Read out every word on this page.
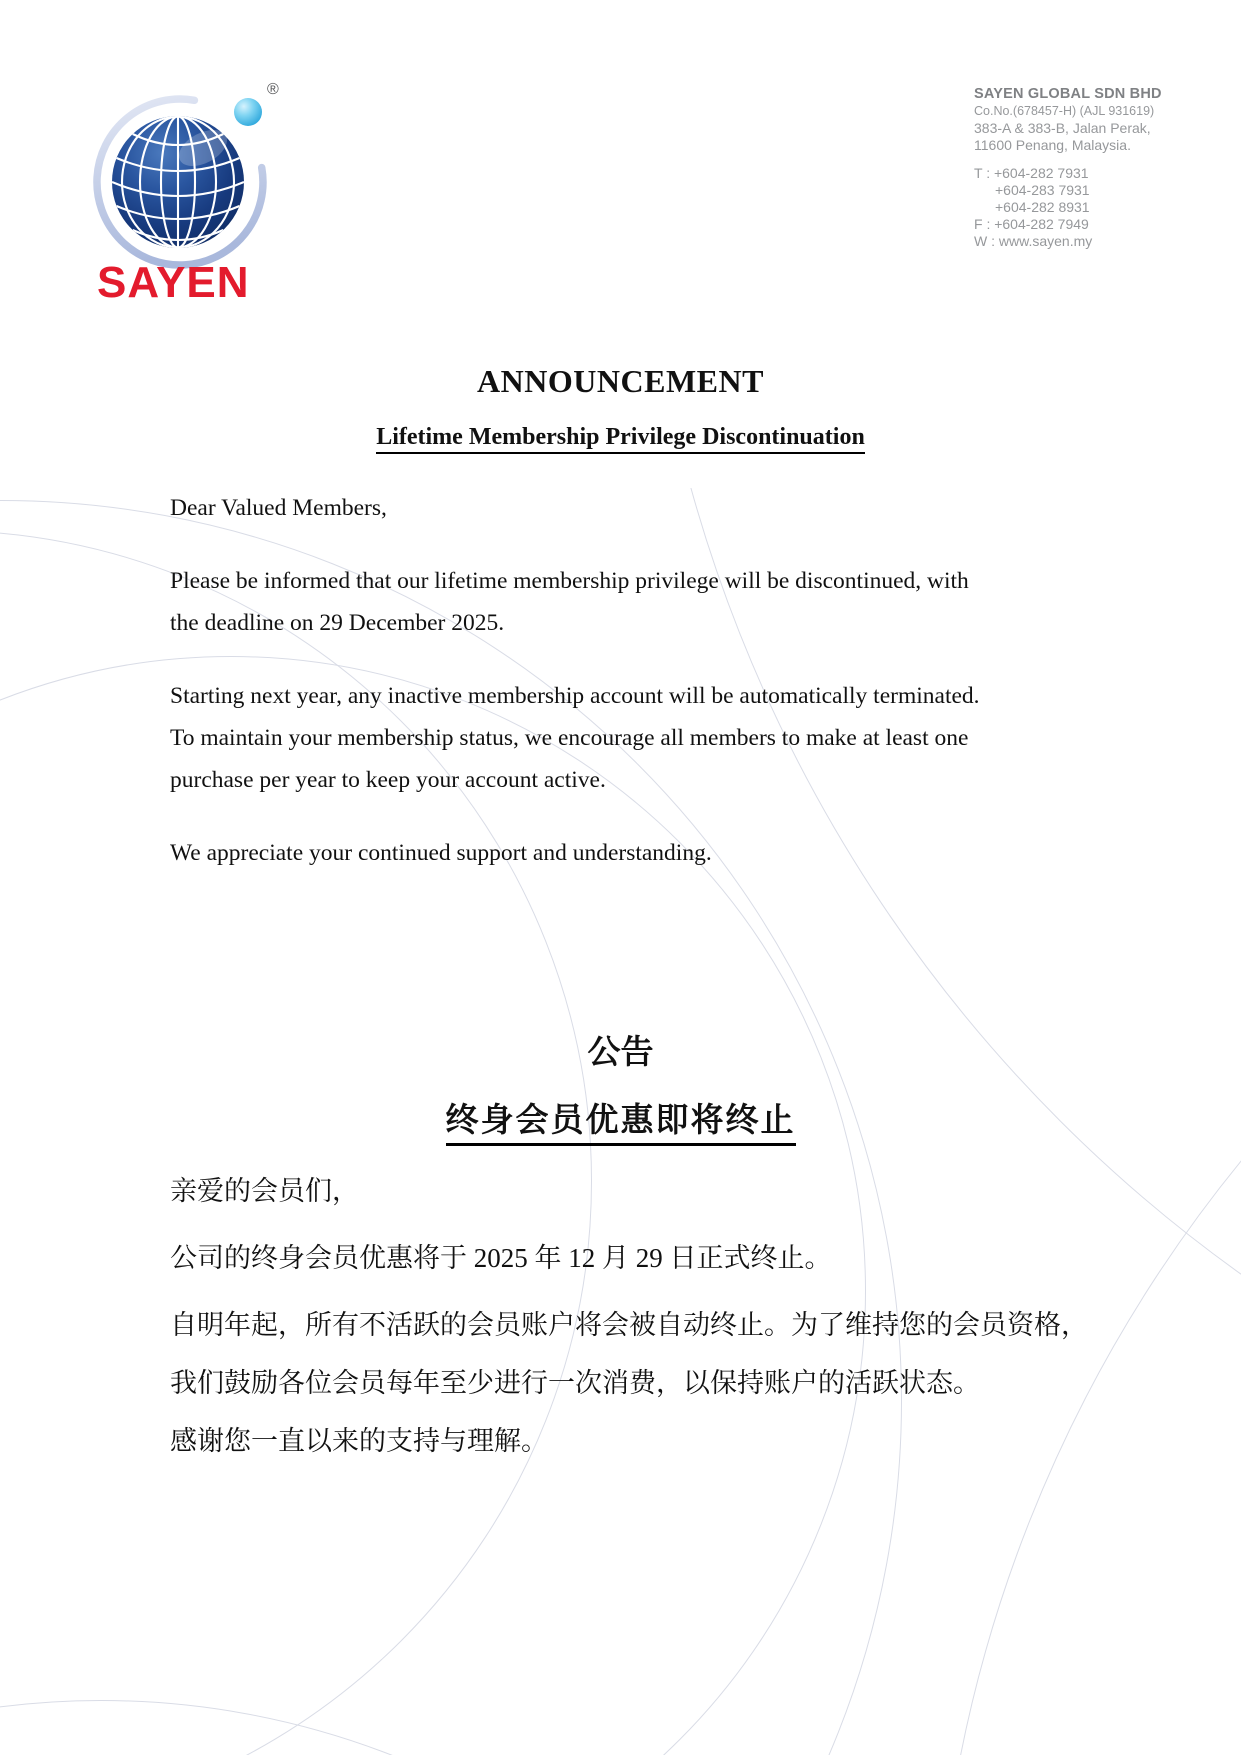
®
SAYEN
SAYEN GLOBAL SDN BHD
Co.No.(678457-H) (AJL 931619)
383-A & 383-B, Jalan Perak,
11600 Penang, Malaysia.
T : +604-282 7931
+604-283 7931
+604-282 8931
F : +604-282 7949
W : www.sayen.my
ANNOUNCEMENT
Lifetime Membership Privilege Discontinuation
Dear Valued Members,
Please be informed that our lifetime membership privilege will be discontinued, with
the deadline on 29 December 2025.
Starting next year, any inactive membership account will be automatically terminated.
To maintain your membership status, we encourage all members to make at least one
purchase per year to keep your account active.
We appreciate your continued support and understanding.
公告
终身会员优惠即将终止
亲爱的会员们，
公司的终身会员优惠将于 2025 年 12 月 29 日正式终止。
自明年起，所有不活跃的会员账户将会被自动终止。为了维持您的会员资格，
我们鼓励各位会员每年至少进行一次消费，以保持账户的活跃状态。
感谢您一直以来的支持与理解。
